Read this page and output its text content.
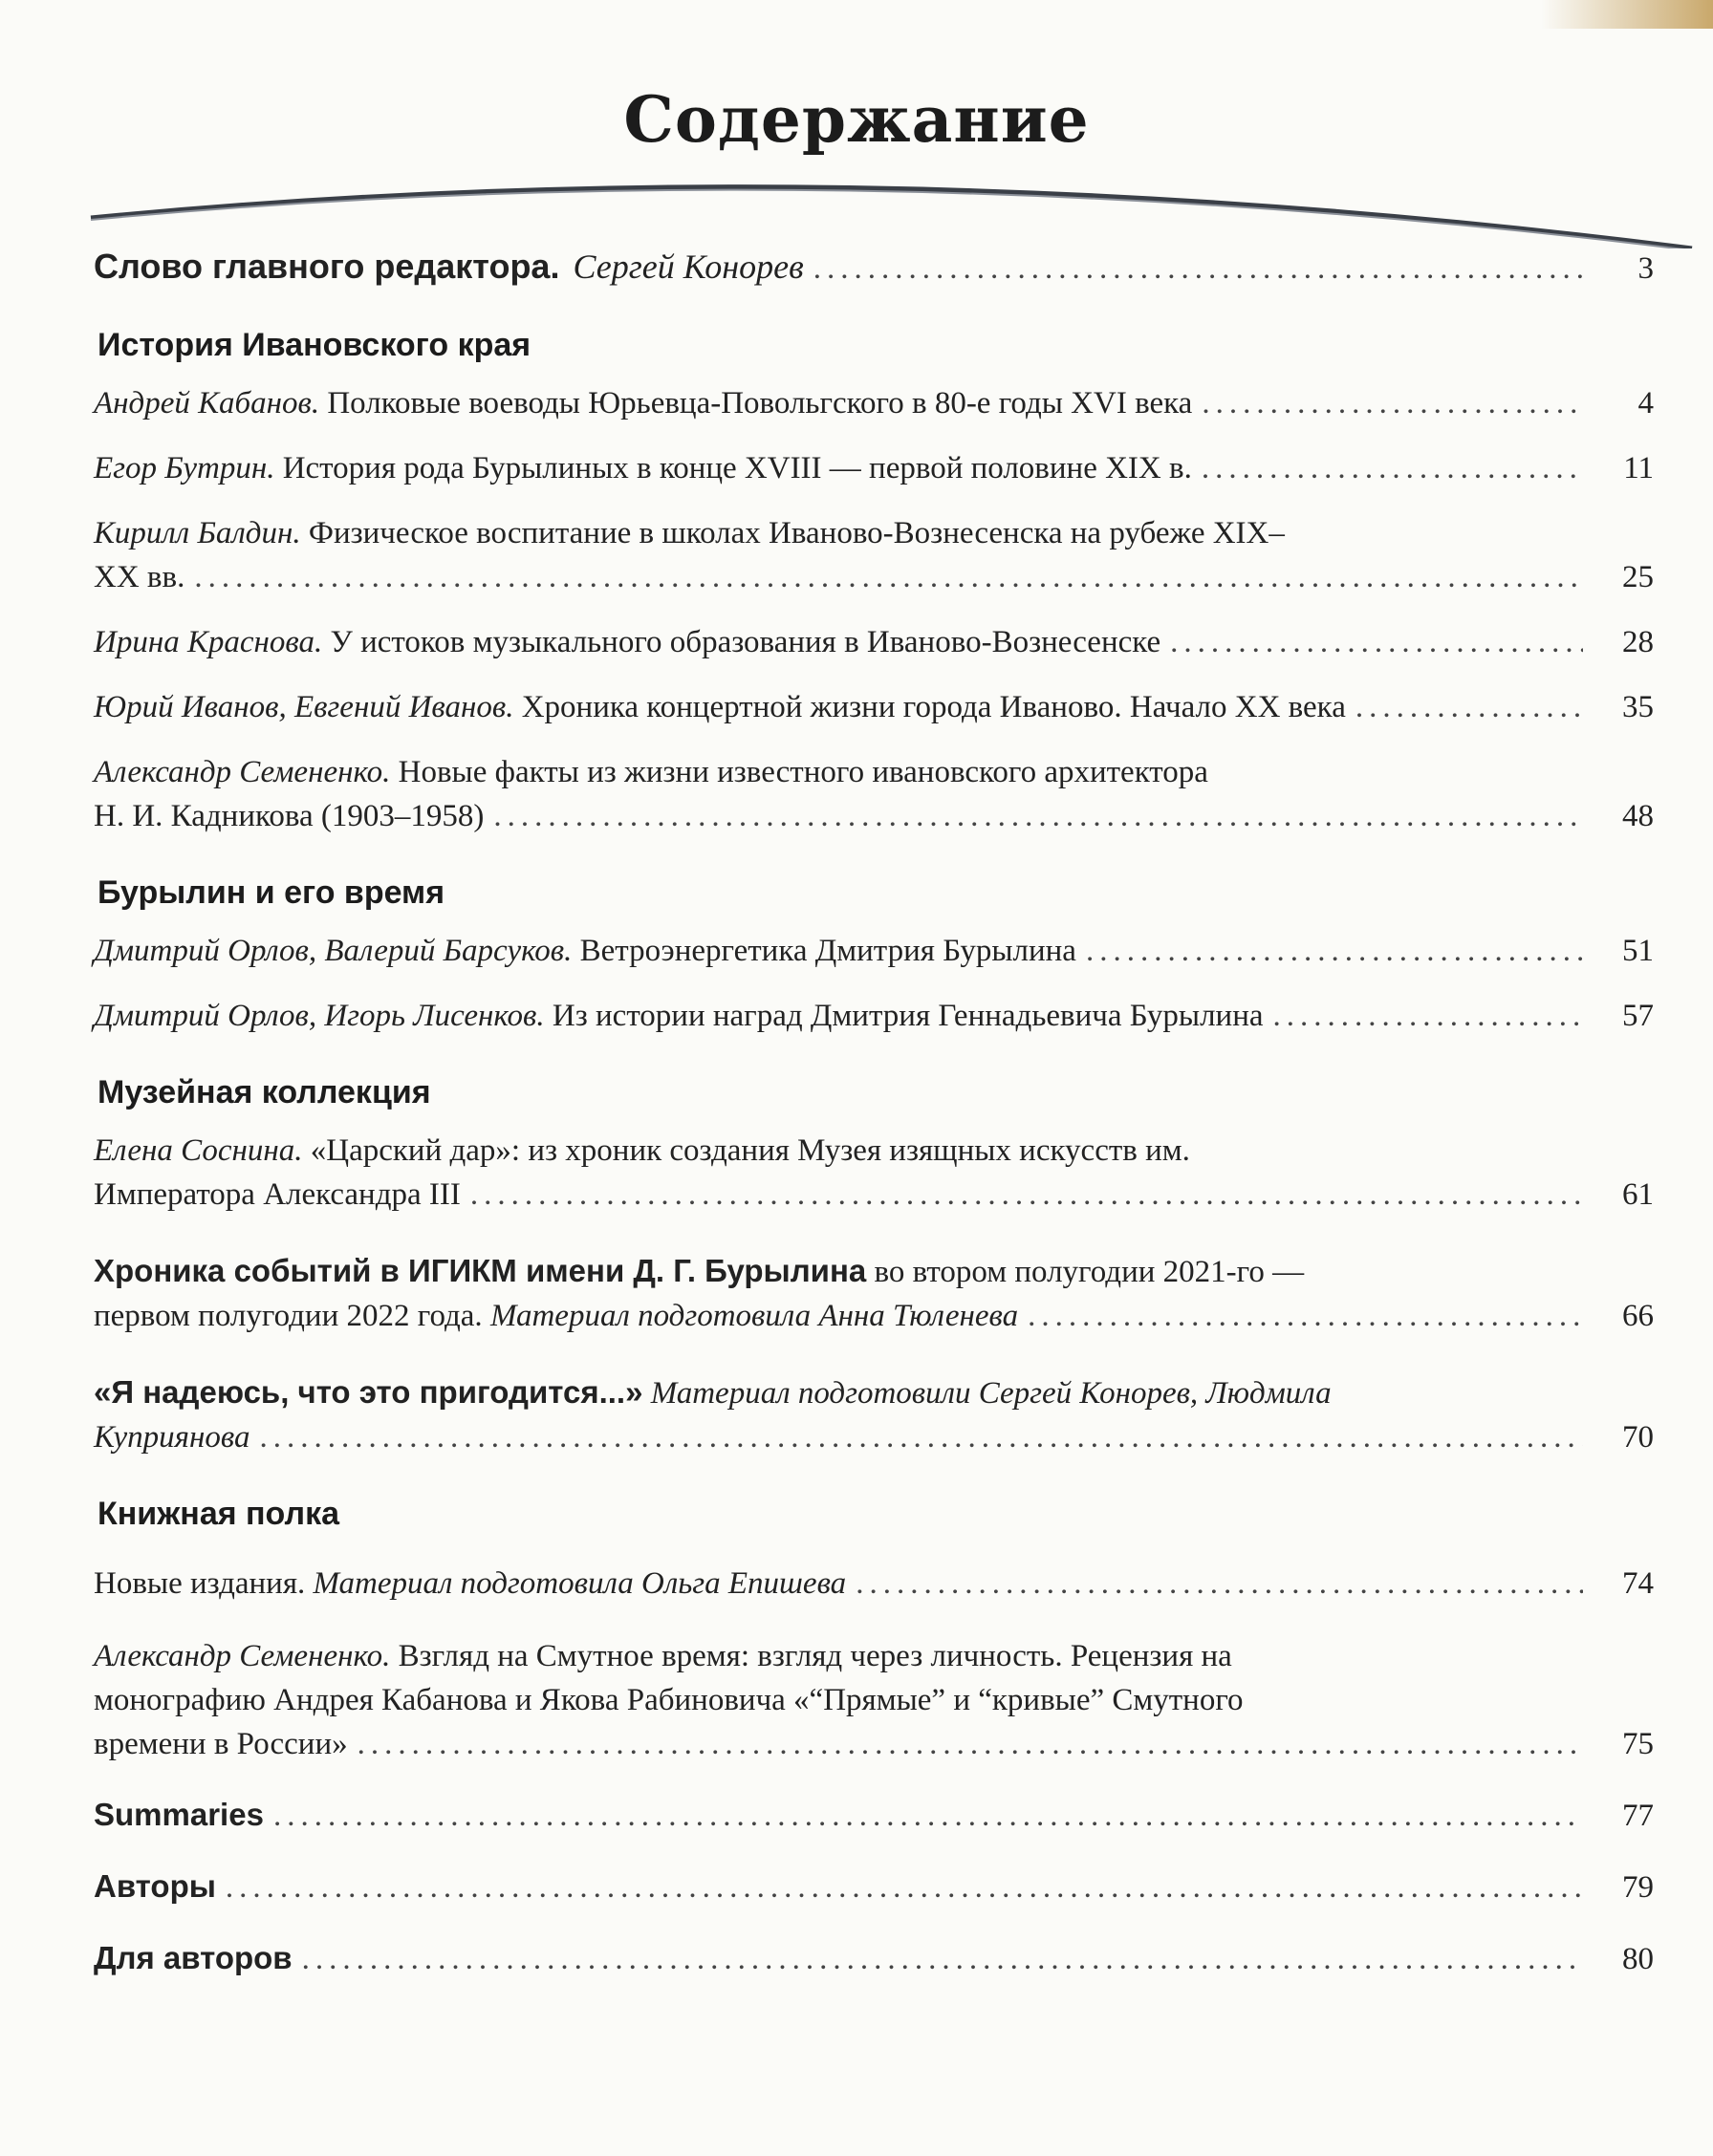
Содержание
Слово главного редактора. Сергей Конорев .....	3
История Ивановского края
Андрей Кабанов.
Полковые воеводы Юрьевца-Повольгского в 80-е годы XVI века .....	4
Егор Бутрин.
История рода Бурылиных в конце XVIII — первой половине XIX в. .....	11
Кирилл Балдин. Физическое воспитание в школах Иваново-Вознесенска на рубеже XIX–
XX вв. .....	25
Ирина Краснова.
У истоков музыкального образования в Иваново-Вознесенске .....	28
Юрий Иванов, Евгений Иванов.
Хроника концертной жизни города Иваново. Начало XX века .....	35
Александр Семененко. Новые факты из жизни известного ивановского архитектора
Н. И. Кадникова (1903–1958) .....	48
Бурылин и его время
Дмитрий Орлов, Валерий Барсуков.
Ветроэнергетика Дмитрия Бурылина .....	51
Дмитрий Орлов, Игорь Лисенков.
Из истории наград Дмитрия Геннадьевича Бурылина .....	57
Музейная коллекция
Елена Соснина. «Царский дар»: из хроник создания Музея изящных искусств им.
Императора Александра III .....	61
Хроника событий в ИГИКМ имени Д. Г. Бурылина во втором полугодии 2021-го —
первом полугодии 2022 года.
Материал подготовила Анна Тюленева .....	66
«Я надеюсь, что это пригодится...» Материал подготовили Сергей Конорев, Людмила
Куприянова .....	70
Книжная полка
Новые издания.
Материал подготовила Ольга Епишева .....	74
Александр Семененко. Взгляд на Смутное время: взгляд через личность. Рецензия на
монографию Андрея Кабанова и Якова Рабиновича «“Прямые” и “кривые” Смутного
времени в России» .....	75
Summaries .....	77
Авторы .....	79
Для авторов .....	80
